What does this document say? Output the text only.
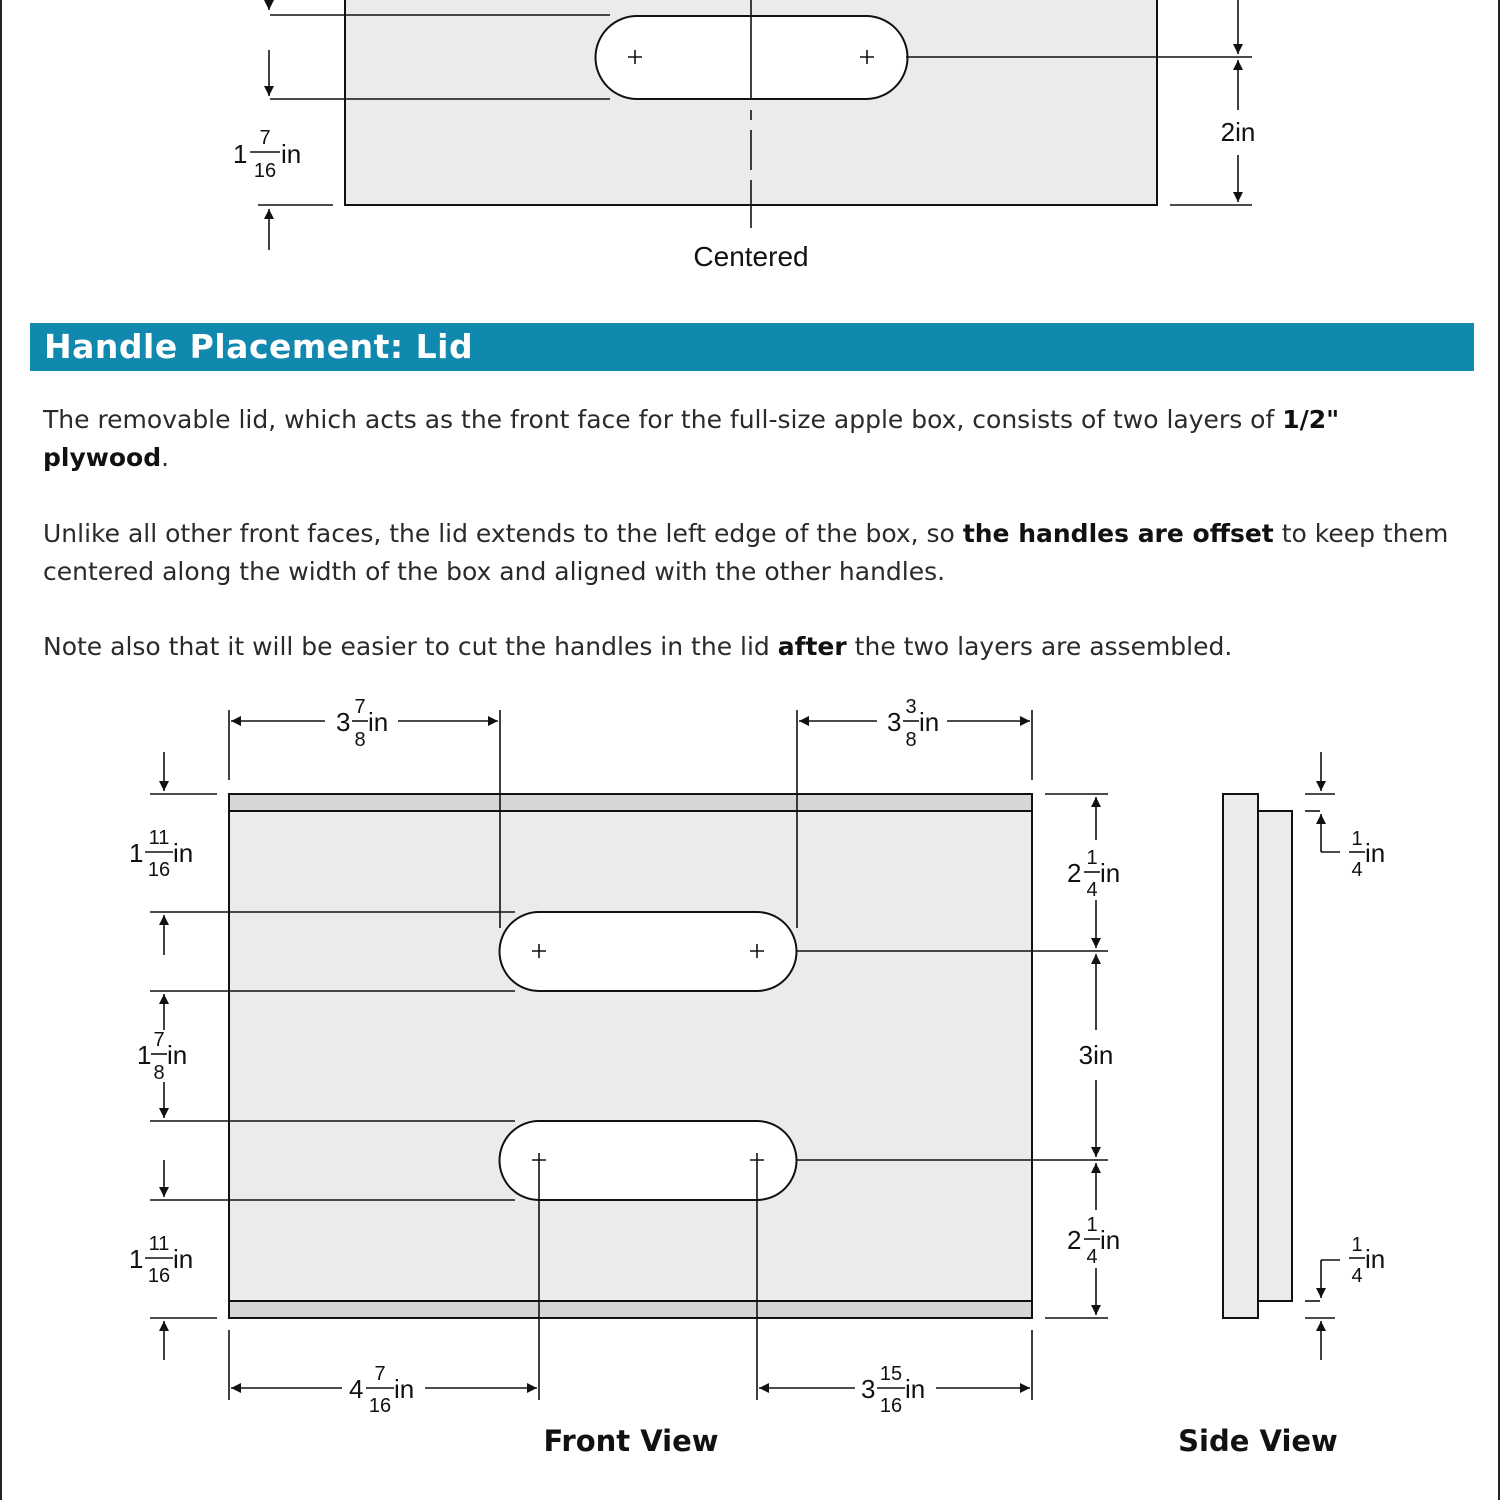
1
7
16
in
2in
Centered
3 7
8
in	3 3
8
in
1 11
16
in
1 7
8
in
1 11
16
in
2 1
4
in
3in
2 1
4
in
4 7
16
in	3 15
16
in
Front View
1
4
in
1
4
in
Side View
Handle Placement: Lid

The removable lid, which acts as the front face for the full-size apple box, consists of two layers of 1/2" plywood.

Unlike all other front faces, the lid extends to the left edge of the box, so the handles are offset to keep them centered along the width of the box and aligned with the other handles.

Note also that it will be easier to cut the handles in the lid after the two layers are assembled.
